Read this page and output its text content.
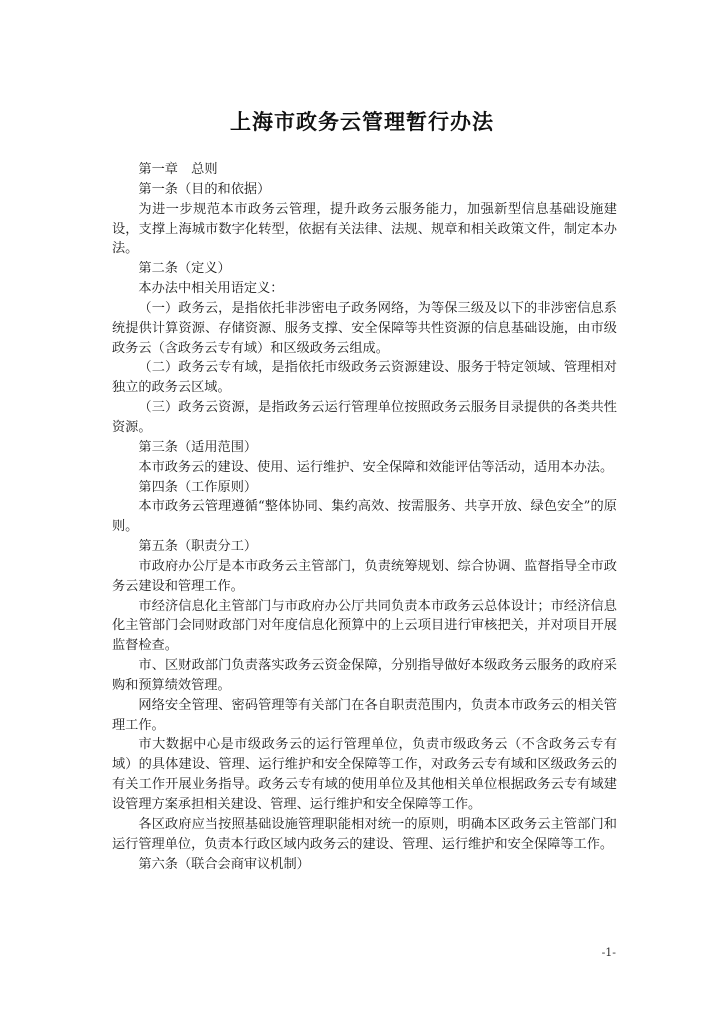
上海市政务云管理暂行办法

第一章　总则

第一条（目的和依据）

为进一步规范本市政务云管理，提升政务云服务能力，加强新型信息基础设施建设，支撑上海城市数字化转型，依据有关法律、法规、规章和相关政策文件，制定本办法。

第二条（定义）

本办法中相关用语定义：

（一）政务云，是指依托非涉密电子政务网络，为等保三级及以下的非涉密信息系统提供计算资源、存储资源、服务支撑、安全保障等共性资源的信息基础设施，由市级政务云（含政务云专有域）和区级政务云组成。

（二）政务云专有域，是指依托市级政务云资源建设、服务于特定领域、管理相对独立的政务云区域。

（三）政务云资源，是指政务云运行管理单位按照政务云服务目录提供的各类共性资源。

第三条（适用范围）

本市政务云的建设、使用、运行维护、安全保障和效能评估等活动，适用本办法。

第四条（工作原则）

本市政务云管理遵循“整体协同、集约高效、按需服务、共享开放、绿色安全”的原则。

第五条（职责分工）

市政府办公厅是本市政务云主管部门，负责统筹规划、综合协调、监督指导全市政务云建设和管理工作。

市经济信息化主管部门与市政府办公厅共同负责本市政务云总体设计；市经济信息化主管部门会同财政部门对年度信息化预算中的上云项目进行审核把关，并对项目开展监督检查。

市、区财政部门负责落实政务云资金保障，分别指导做好本级政务云服务的政府采购和预算绩效管理。

网络安全管理、密码管理等有关部门在各自职责范围内，负责本市政务云的相关管理工作。

市大数据中心是市级政务云的运行管理单位，负责市级政务云（不含政务云专有域）的具体建设、管理、运行维护和安全保障等工作，对政务云专有域和区级政务云的有关工作开展业务指导。政务云专有域的使用单位及其他相关单位根据政务云专有域建设管理方案承担相关建设、管理、运行维护和安全保障等工作。

各区政府应当按照基础设施管理职能相对统一的原则，明确本区政务云主管部门和运行管理单位，负责本行政区域内政务云的建设、管理、运行维护和安全保障等工作。

第六条（联合会商审议机制）

-1-
